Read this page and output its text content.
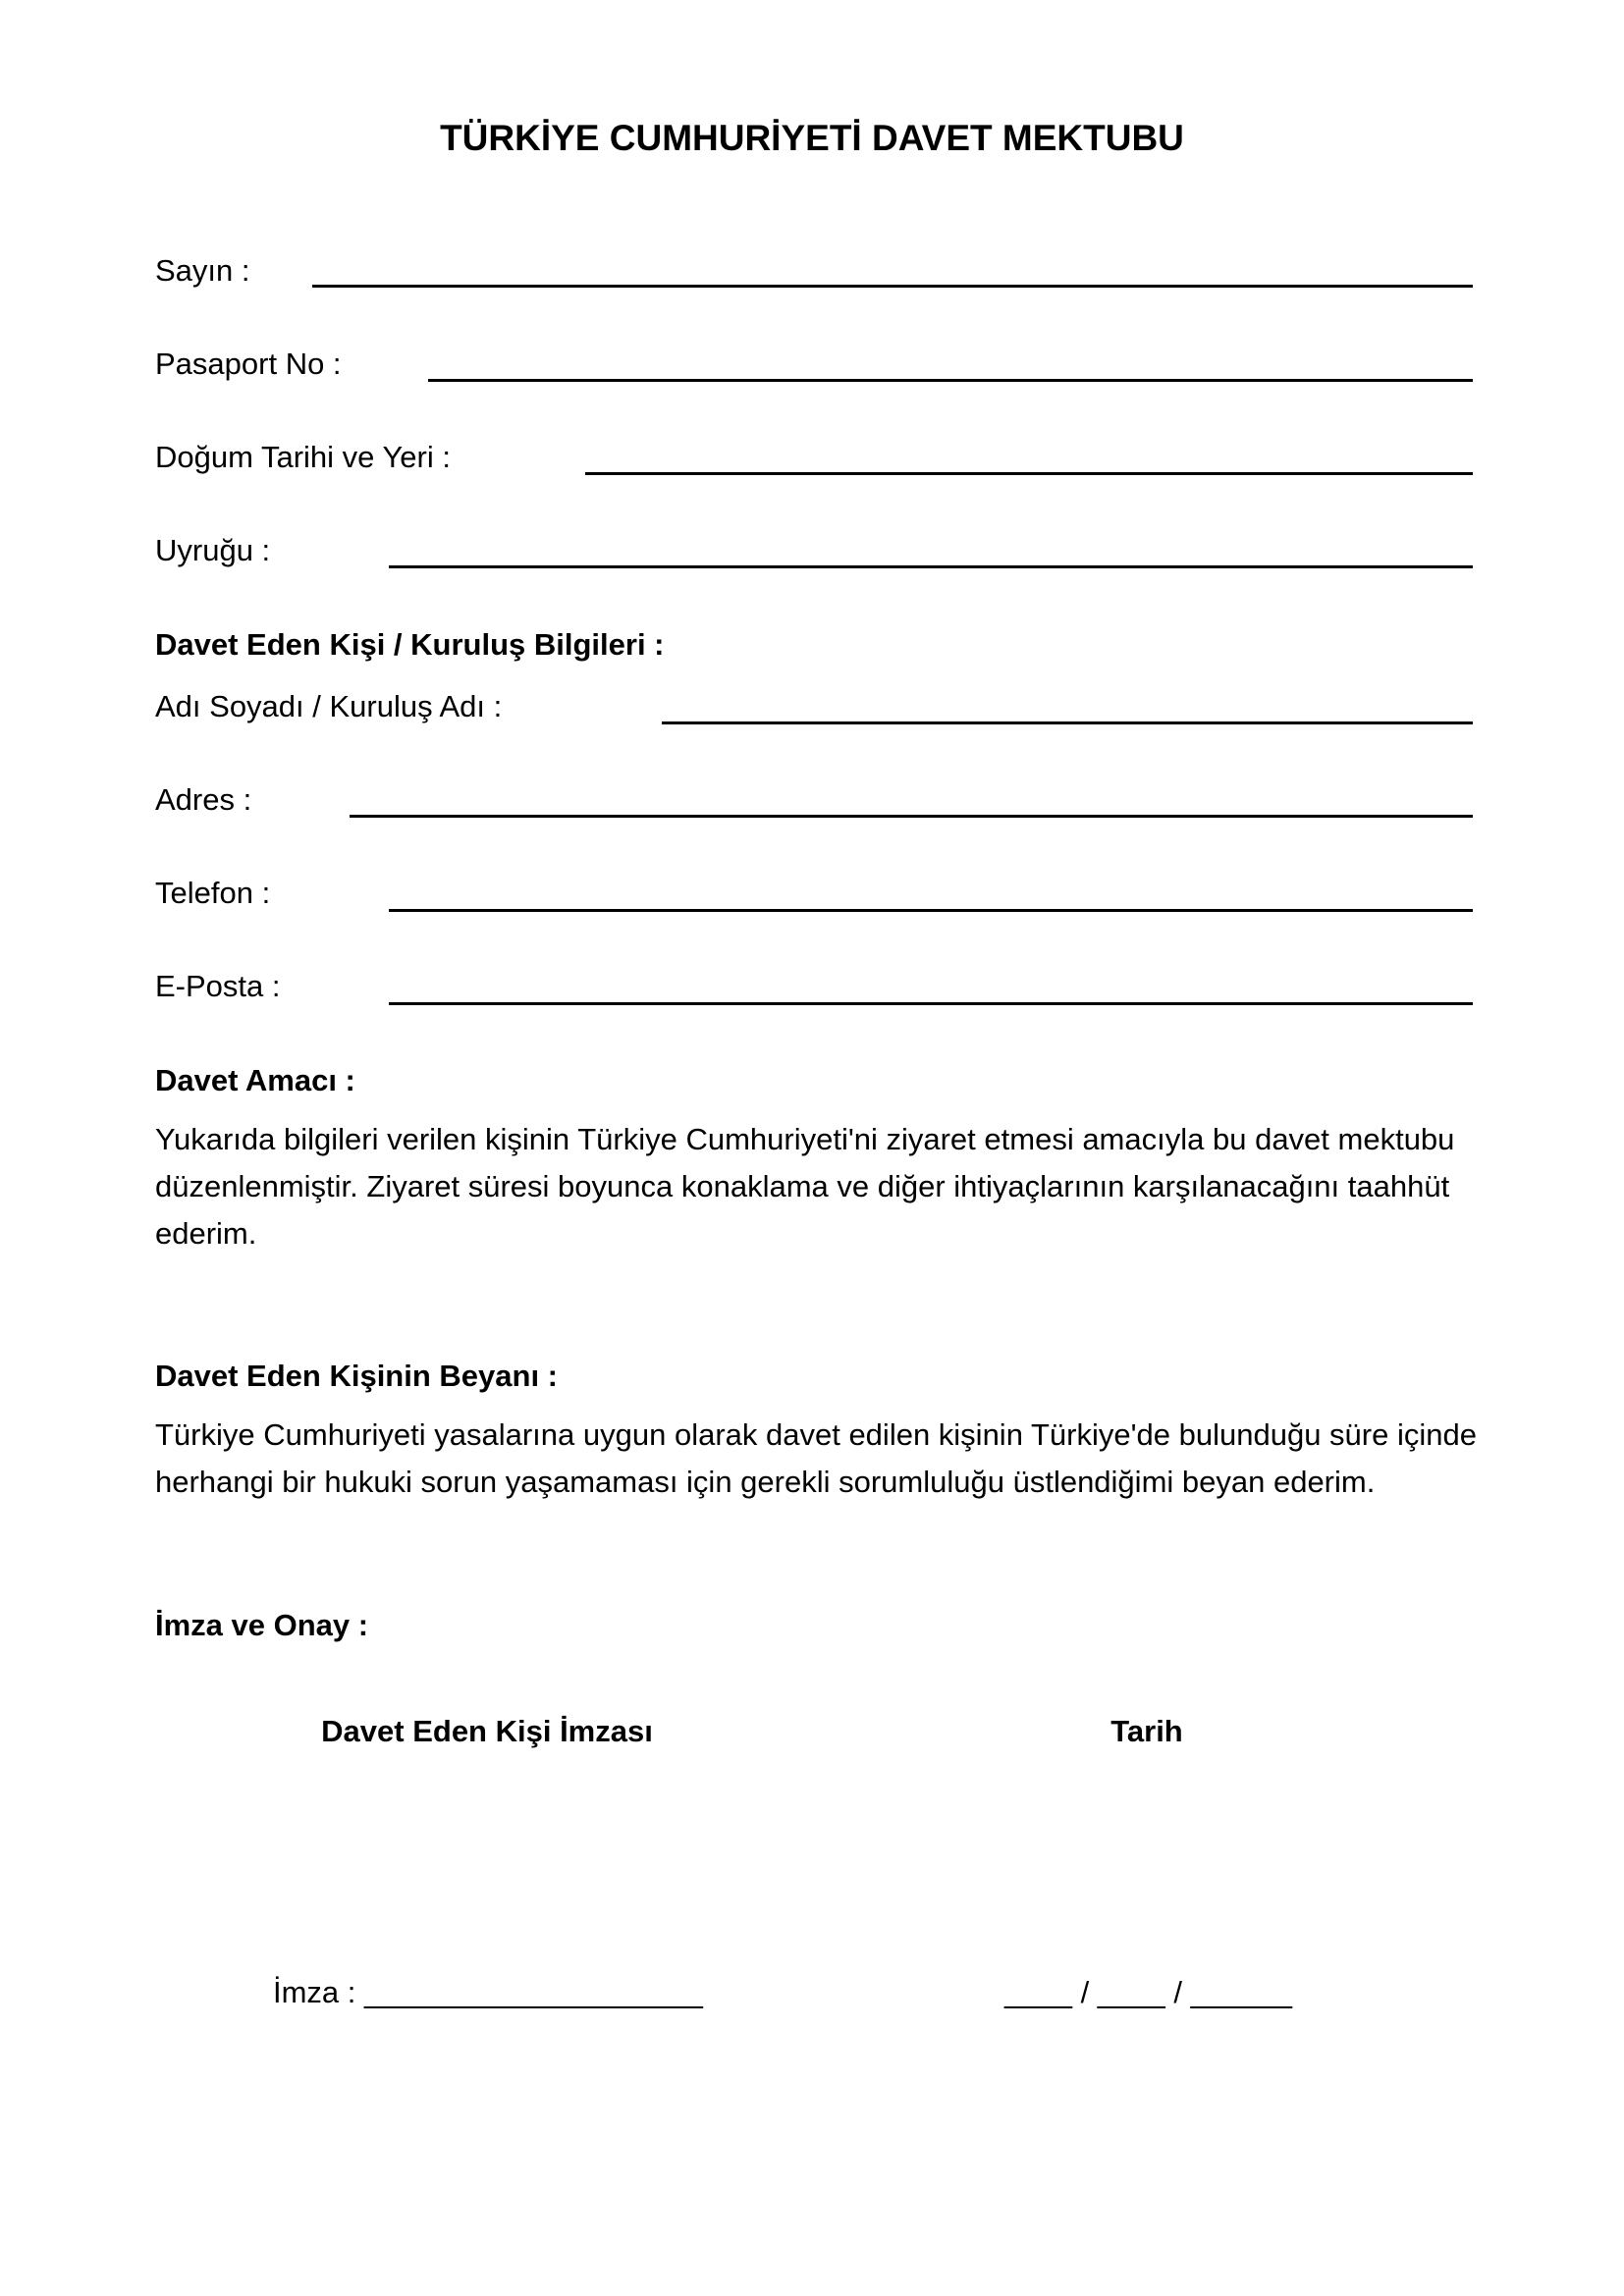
TÜRKİYE CUMHURİYETİ DAVET MEKTUBU
Sayın :
Pasaport No :
Doğum Tarihi ve Yeri :
Uyruğu :
Davet Eden Kişi / Kuruluş Bilgileri :
Adı Soyadı / Kuruluş Adı :
Adres :
Telefon :
E-Posta :
Davet Amacı :
Yukarıda bilgileri verilen kişinin Türkiye Cumhuriyeti'ni ziyaret etmesi amacıyla bu davet mektubu düzenlenmiştir. Ziyaret süresi boyunca konaklama ve diğer ihtiyaçlarının karşılanacağını taahhüt ederim.
Davet Eden Kişinin Beyanı :
Türkiye Cumhuriyeti yasalarına uygun olarak davet edilen kişinin Türkiye'de bulunduğu süre içinde herhangi bir hukuki sorun yaşamaması için gerekli sorumluluğu üstlendiğimi beyan ederim.
İmza ve Onay :
Davet Eden Kişi İmzası	Tarih
İmza : ____________________	____ / ____ / ______
